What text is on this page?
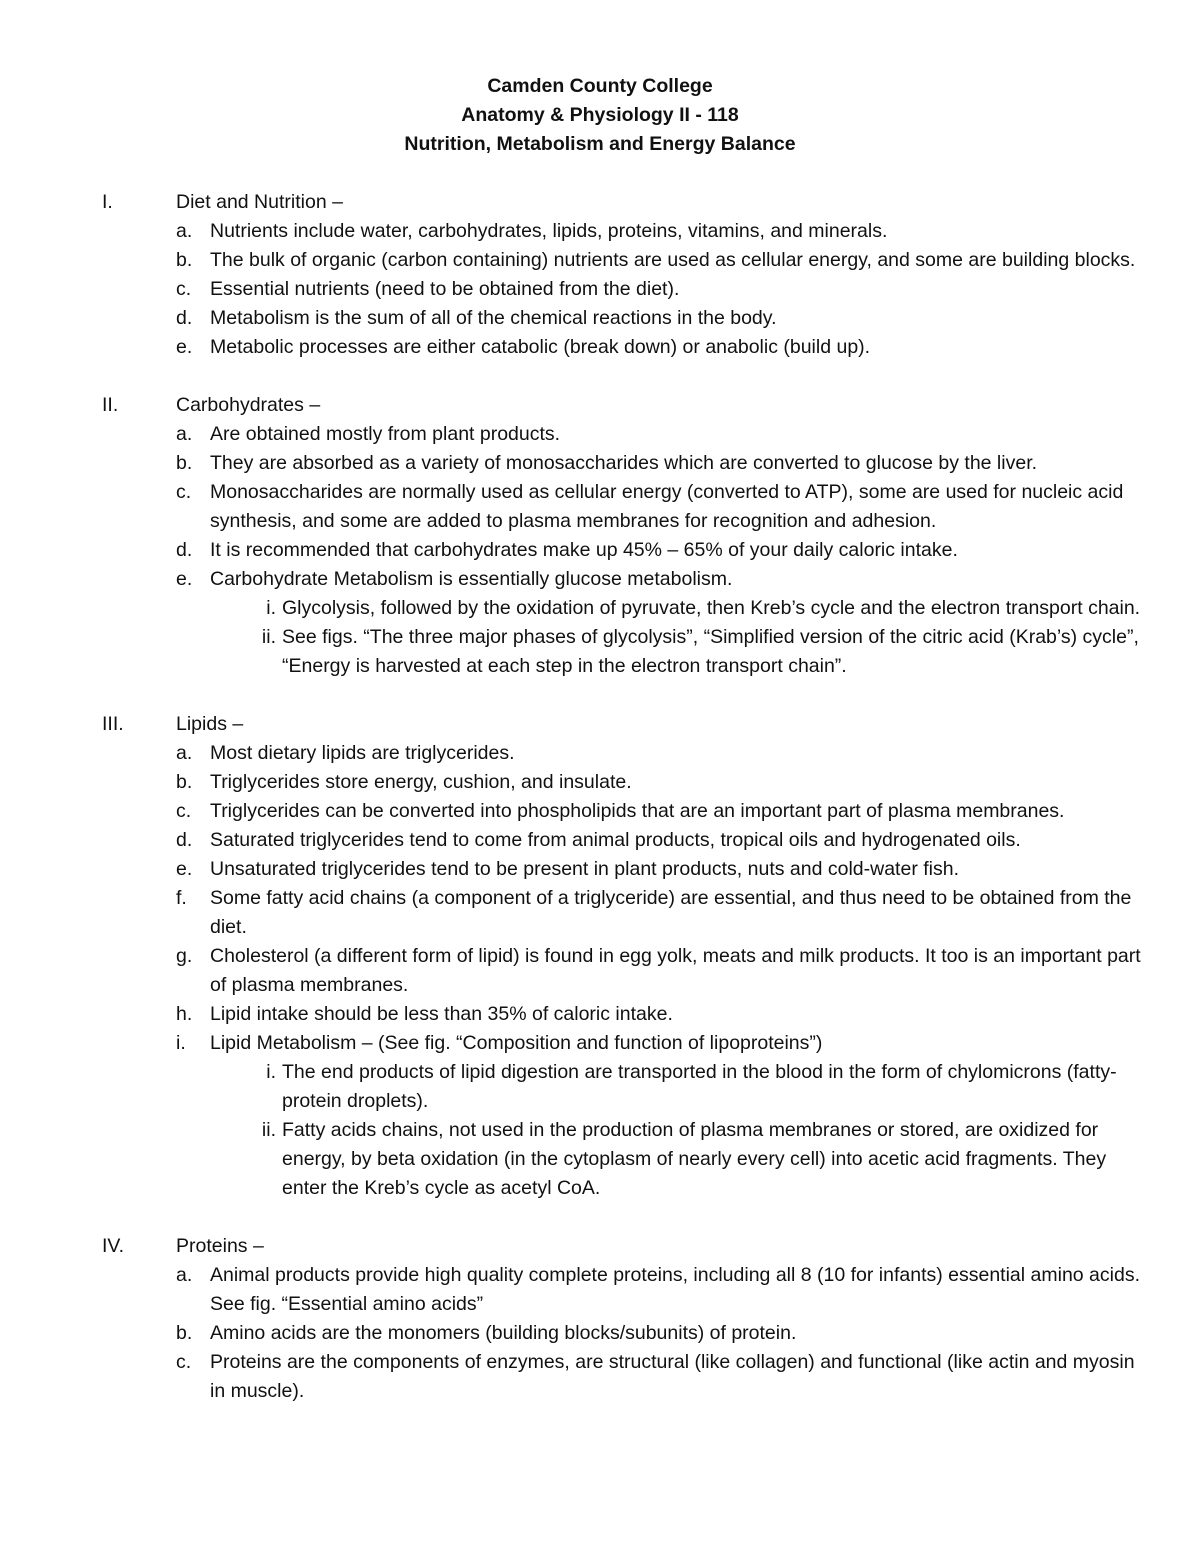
Camden County College
Anatomy & Physiology II - 118
Nutrition, Metabolism and Energy Balance
I.	Diet and Nutrition –
a. Nutrients include water, carbohydrates, lipids, proteins, vitamins, and minerals.
b. The bulk of organic (carbon containing) nutrients are used as cellular energy, and some are building blocks.
c. Essential nutrients (need to be obtained from the diet).
d. Metabolism is the sum of all of the chemical reactions in the body.
e. Metabolic processes are either catabolic (break down) or anabolic (build up).
II.	Carbohydrates –
a. Are obtained mostly from plant products.
b. They are absorbed as a variety of monosaccharides which are converted to glucose by the liver.
c. Monosaccharides are normally used as cellular energy (converted to ATP), some are used for nucleic acid synthesis, and some are added to plasma membranes for recognition and adhesion.
d. It is recommended that carbohydrates make up 45% – 65% of your daily caloric intake.
e. Carbohydrate Metabolism is essentially glucose metabolism.
i. Glycolysis, followed by the oxidation of pyruvate, then Kreb’s cycle and the electron transport chain.
ii. See figs. “The three major phases of glycolysis”, “Simplified version of the citric acid (Krab’s) cycle”, “Energy is harvested at each step in the electron transport chain”.
III.	Lipids –
a. Most dietary lipids are triglycerides.
b. Triglycerides store energy, cushion, and insulate.
c. Triglycerides can be converted into phospholipids that are an important part of plasma membranes.
d. Saturated triglycerides tend to come from animal products, tropical oils and hydrogenated oils.
e. Unsaturated triglycerides tend to be present in plant products, nuts and cold-water fish.
f.	Some fatty acid chains (a component of a triglyceride) are essential, and thus need to be obtained from the diet.
g. Cholesterol (a different form of lipid) is found in egg yolk, meats and milk products. It too is an important part of plasma membranes.
h. Lipid intake should be less than 35% of caloric intake.
i.	Lipid Metabolism – (See fig. “Composition and function of lipoproteins”)
i. The end products of lipid digestion are transported in the blood in the form of chylomicrons (fatty-protein droplets).
ii. Fatty acids chains, not used in the production of plasma membranes or stored, are oxidized for energy, by beta oxidation (in the cytoplasm of nearly every cell) into acetic acid fragments. They enter the Kreb’s cycle as acetyl CoA.
IV.	Proteins –
a. Animal products provide high quality complete proteins, including all 8 (10 for infants) essential amino acids. See fig. “Essential amino acids”
b. Amino acids are the monomers (building blocks/subunits) of protein.
c. Proteins are the components of enzymes, are structural (like collagen) and functional (like actin and myosin in muscle).
